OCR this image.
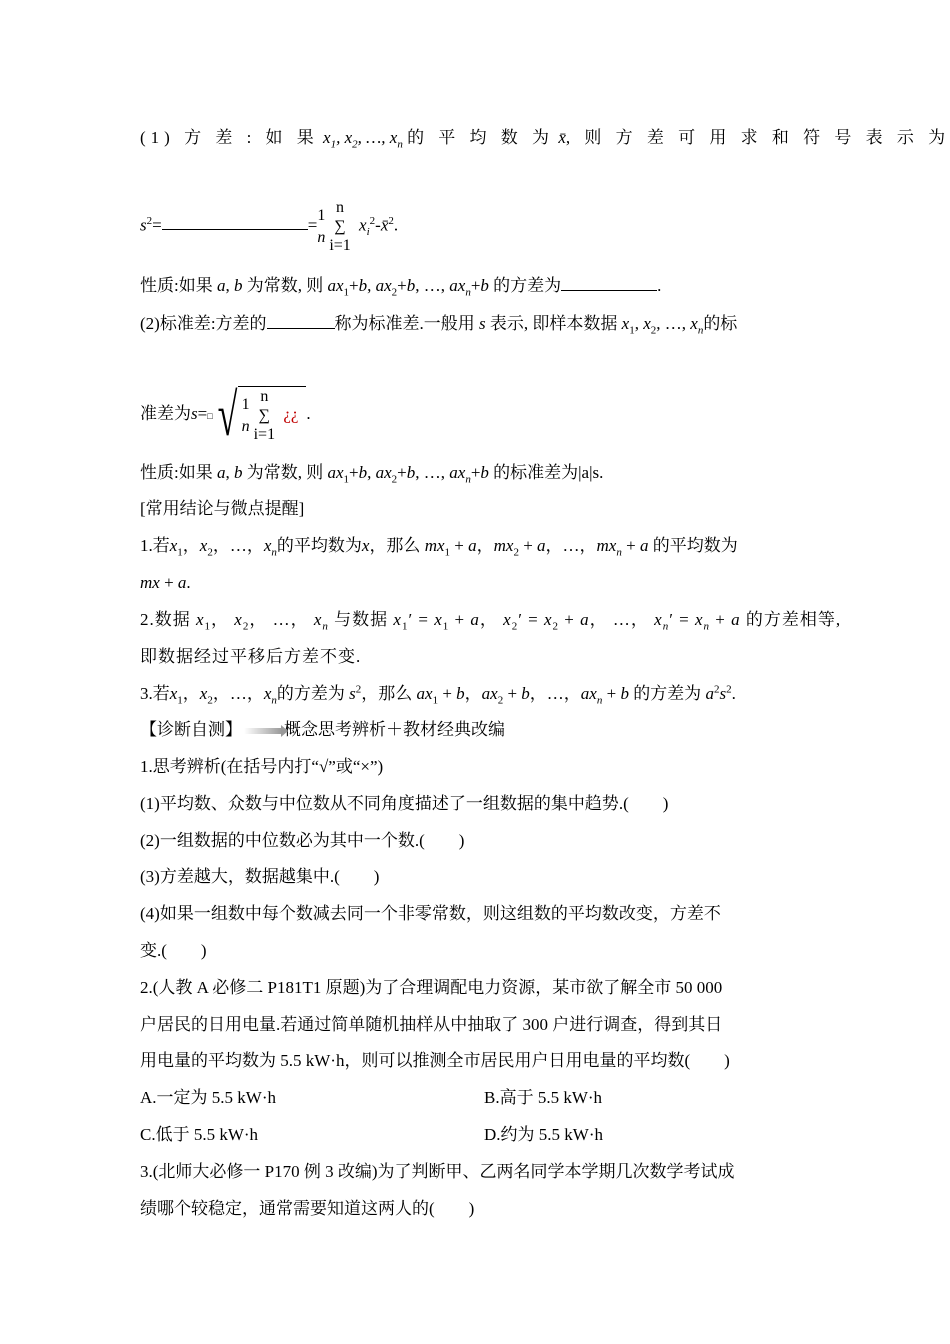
(1) 方 差 : 如 果 $x_1$, $x_2$, …, $x_n$ 的 平 均 数 为 x̄, 则 方 差 可 用 求 和 符 号 表 示 为
$s^2=$	=1
nn
∑
i=1 $x_i^2-x̄^2$.
性质:如果 a, b 为常数, 则 $ax_1+b$, $ax_2+b$, …, $ax_n+b$ 的方差为	.
(2)标准差:方差的	称为标准差.一般用 s 表示, 即样本数据 $x_1$, $x_2$, …, $x_n$的标
准差为s=□√ 1
nn
∑
i=1 ¿¿ .
性质:如果 a, b 为常数, 则 $ax_1+b$, $ax_2+b$, …, $ax_n+b$ 的标准差为|a|s.
[常用结论与微点提醒]
1.若$x_1$，$x_2$，…，$x_n$的平均数为x，那么 $mx_1 + a$，$mx_2 + a$，…，$mx_n + a$ 的平均数为
mx + a.
2.数据 $x_1$， $x_2$， …， $x_n$ 与数据 $x_1' = x_1 + a$， $x_2' = x_2 + a$， …， $x_n' = x_n + a$ 的方差相等,
即数据经过平移后方差不变.
3.若$x_1$，$x_2$，…，$x_n$的方差为 $s^2$，那么 $ax_1 + b$，$ax_2 + b$，…，$ax_n + b$ 的方差为 $a^2s^2$.
【诊断自测】 概念思考辨析＋教材经典改编
1.思考辨析(在括号内打“√”或“×”)
(1)平均数、众数与中位数从不同角度描述了一组数据的集中趋势.(　　)
(2)一组数据的中位数必为其中一个数.(　　)
(3)方差越大，数据越集中.(　　)
(4)如果一组数中每个数减去同一个非零常数，则这组数的平均数改变，方差不
变.(　　)
2.(人教 A 必修二 P181T1 原题)为了合理调配电力资源，某市欲了解全市 50 000
户居民的日用电量.若通过简单随机抽样从中抽取了 300 户进行调查，得到其日
用电量的平均数为 5.5 kW·h，则可以推测全市居民用户日用电量的平均数(　　)
A.一定为 5.5 kW·h	B.高于 5.5 kW·h
C.低于 5.5 kW·h	D.约为 5.5 kW·h
3.(北师大必修一 P170 例 3 改编)为了判断甲、乙两名同学本学期几次数学考试成
绩哪个较稳定，通常需要知道这两人的(　　)
